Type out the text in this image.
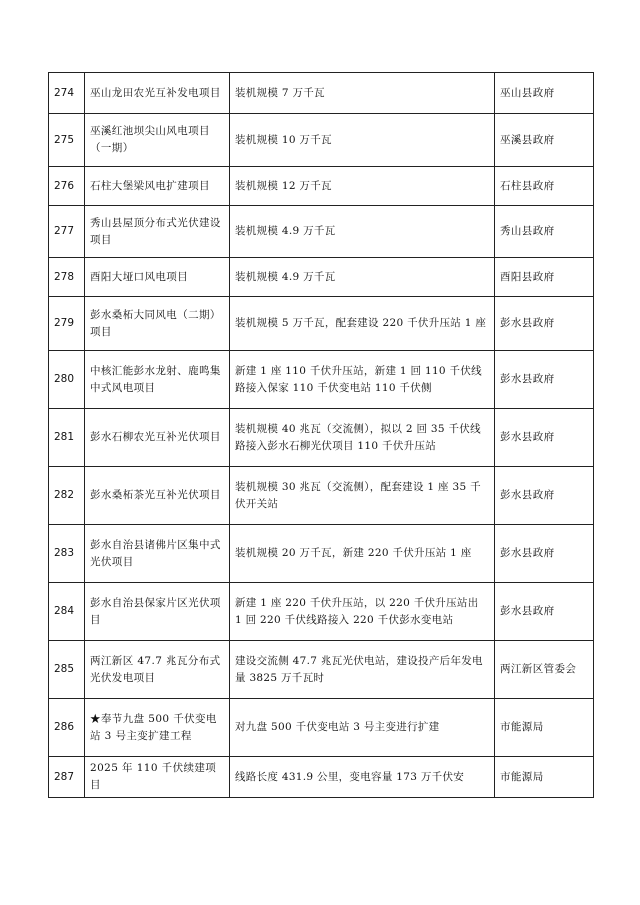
274	巫山龙田农光互补发电项目	装机规模 7 万千瓦	巫山县政府
275	巫溪红池坝尖山风电项目（一期）	装机规模 10 万千瓦	巫溪县政府
276	石柱大堡梁风电扩建项目	装机规模 12 万千瓦	石柱县政府
277	秀山县屋顶分布式光伏建设项目	装机规模 4.9 万千瓦	秀山县政府
278	酉阳大垭口风电项目	装机规模 4.9 万千瓦	酉阳县政府
279	彭水桑柘大同风电（二期）项目	装机规模 5 万千瓦，配套建设 220 千伏升压站 1 座	彭水县政府
280	中核汇能彭水龙射、鹿鸣集中式风电项目	新建 1 座 110 千伏升压站，新建 1 回 110 千伏线路接入保家 110 千伏变电站 110 千伏侧	彭水县政府
281	彭水石柳农光互补光伏项目	装机规模 40 兆瓦（交流侧），拟以 2 回 35 千伏线路接入彭水石柳光伏项目 110 千伏升压站	彭水县政府
282	彭水桑柘茶光互补光伏项目	装机规模 30 兆瓦（交流侧），配套建设 1 座 35 千伏开关站	彭水县政府
283	彭水自治县诸佛片区集中式光伏项目	装机规模 20 万千瓦，新建 220 千伏升压站 1 座	彭水县政府
284	彭水自治县保家片区光伏项目	新建 1 座 220 千伏升压站，以 220 千伏升压站出 1 回 220 千伏线路接入 220 千伏彭水变电站	彭水县政府
285	两江新区 47.7 兆瓦分布式光伏发电项目	建设交流侧 47.7 兆瓦光伏电站，建设投产后年发电量 3825 万千瓦时	两江新区管委会
286	★奉节九盘 500 千伏变电站 3 号主变扩建工程	对九盘 500 千伏变电站 3 号主变进行扩建	市能源局
287	2025 年 110 千伏续建项目	线路长度 431.9 公里，变电容量 173 万千伏安	市能源局
